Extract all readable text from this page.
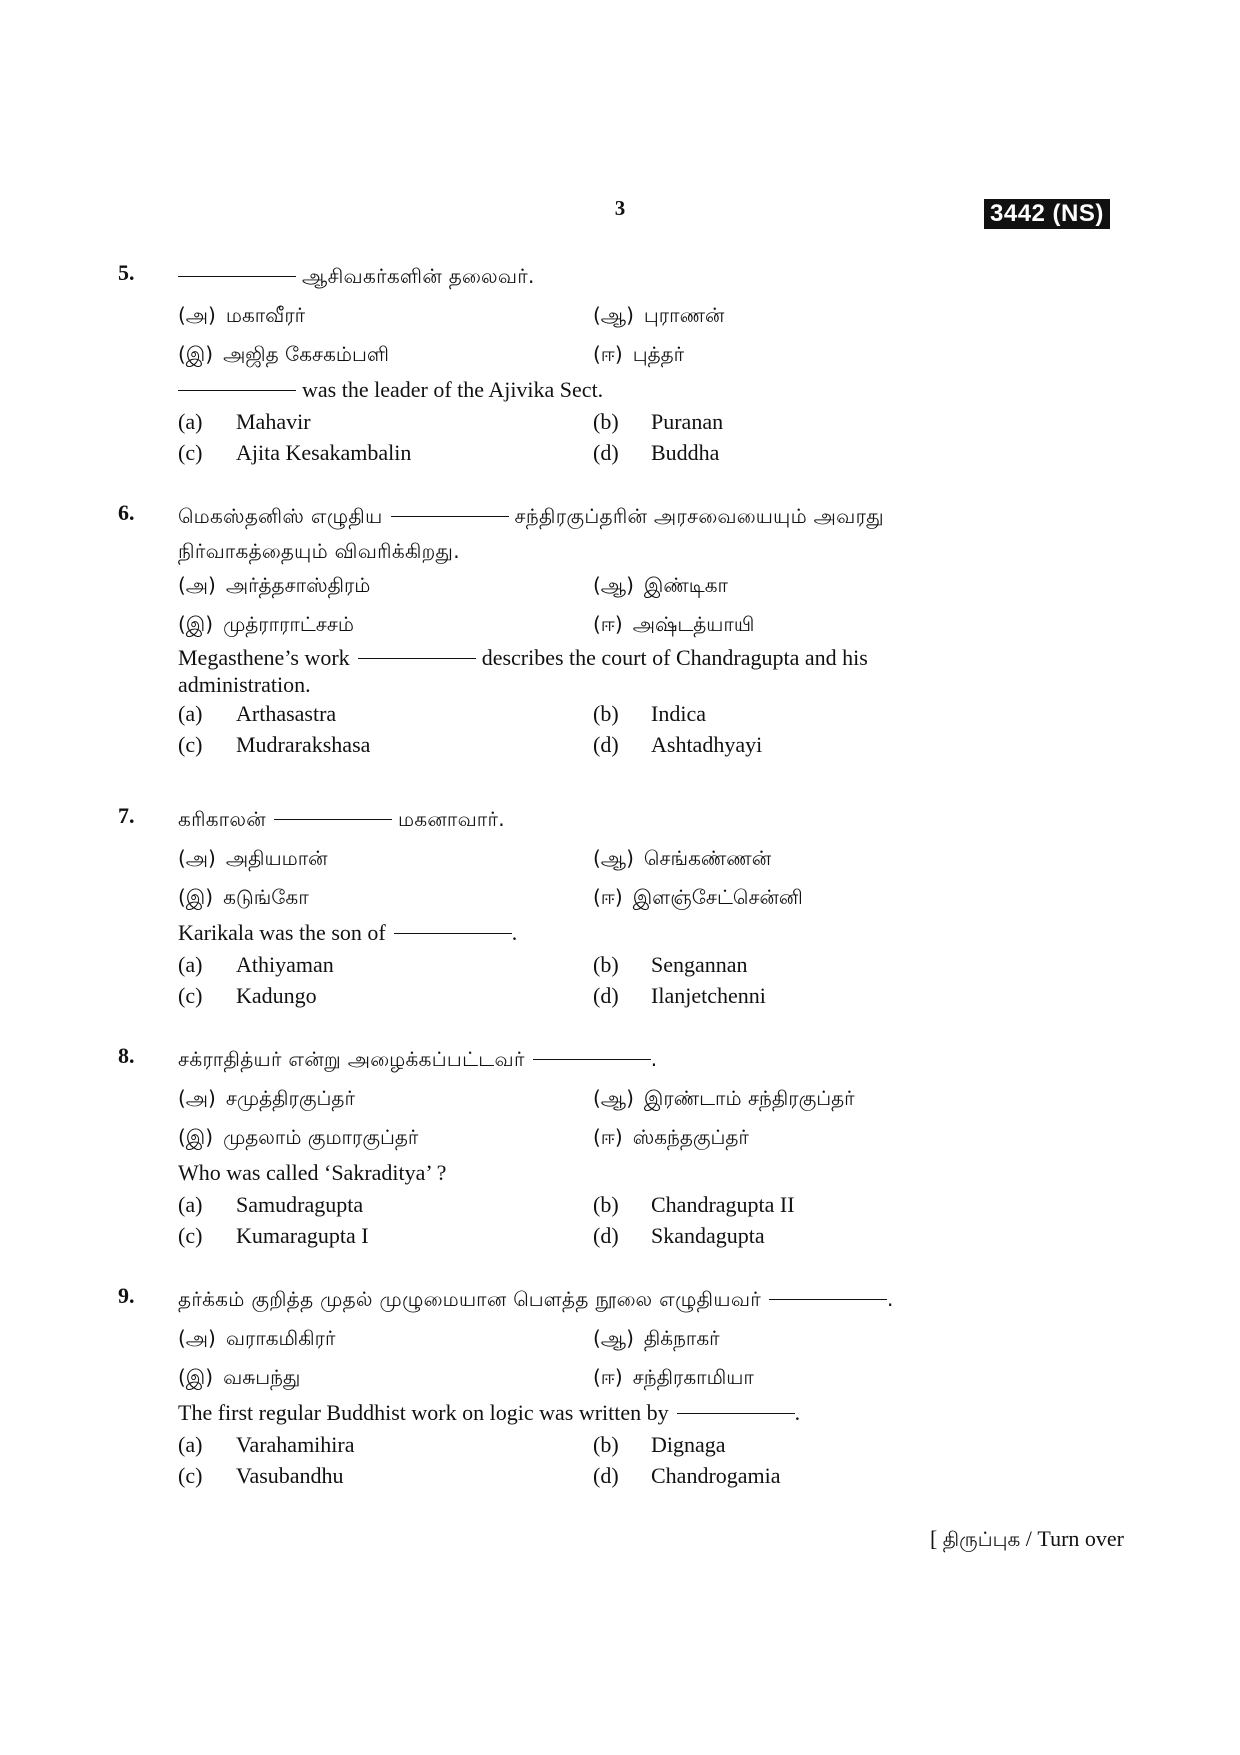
3	3442 (NS)
5.	ஆசிவகர்களின் தலைவர்.
(அ) மகாவீரர்	(ஆ) புராணன்
(இ) அஜித கேசகம்பளி	(ஈ) புத்தர்
was the leader of the Ajivika Sect.
(a)	Mahavir	(b)	Puranan
(c)	Ajita Kesakambalin	(d)	Buddha
6. மெகஸ்தனிஸ் எழுதிய	சந்திரகுப்தரின் அரசவையையும் அவரது
நிர்வாகத்தையும் விவரிக்கிறது.
(அ) அர்த்தசாஸ்திரம்	(ஆ) இண்டிகா
(இ) முத்ராராட்சசம்	(ஈ) அஷ்டத்யாயி
Megasthene’s work	describes the court of Chandragupta and his
administration.
(a)	Arthasastra	(b)	Indica
(c)	Mudrarakshasa	(d)	Ashtadhyayi
7. கரிகாலன்	மகனாவார்.
(அ) அதியமான்	(ஆ) செங்கண்ணன்
(இ) கடுங்கோ	(ஈ) இளஞ்சேட்சென்னி
Karikala was the son of	.
(a)	Athiyaman	(b)	Sengannan
(c)	Kadungo	(d)	Ilanjetchenni
8. சக்ராதித்யர் என்று அழைக்கப்பட்டவர்	.
(அ) சமுத்திரகுப்தர்	(ஆ) இரண்டாம் சந்திரகுப்தர்
(இ) முதலாம் குமாரகுப்தர்	(ஈ) ஸ்கந்தகுப்தர்
Who was called ‘Sakraditya’ ?
(a)	Samudragupta	(b)	Chandragupta II
(c)	Kumaragupta I	(d)	Skandagupta
9. தர்க்கம் குறித்த முதல் முழுமையான பௌத்த நூலை எழுதியவர்	.
(அ) வராகமிகிரர்	(ஆ) திக்நாகர்
(இ) வசுபந்து	(ஈ) சந்திரகாமியா
The first regular Buddhist work on logic was written by	.
(a)	Varahamihira	(b)	Dignaga
(c)	Vasubandhu	(d)	Chandrogamia
[ திருப்புக / Turn over
